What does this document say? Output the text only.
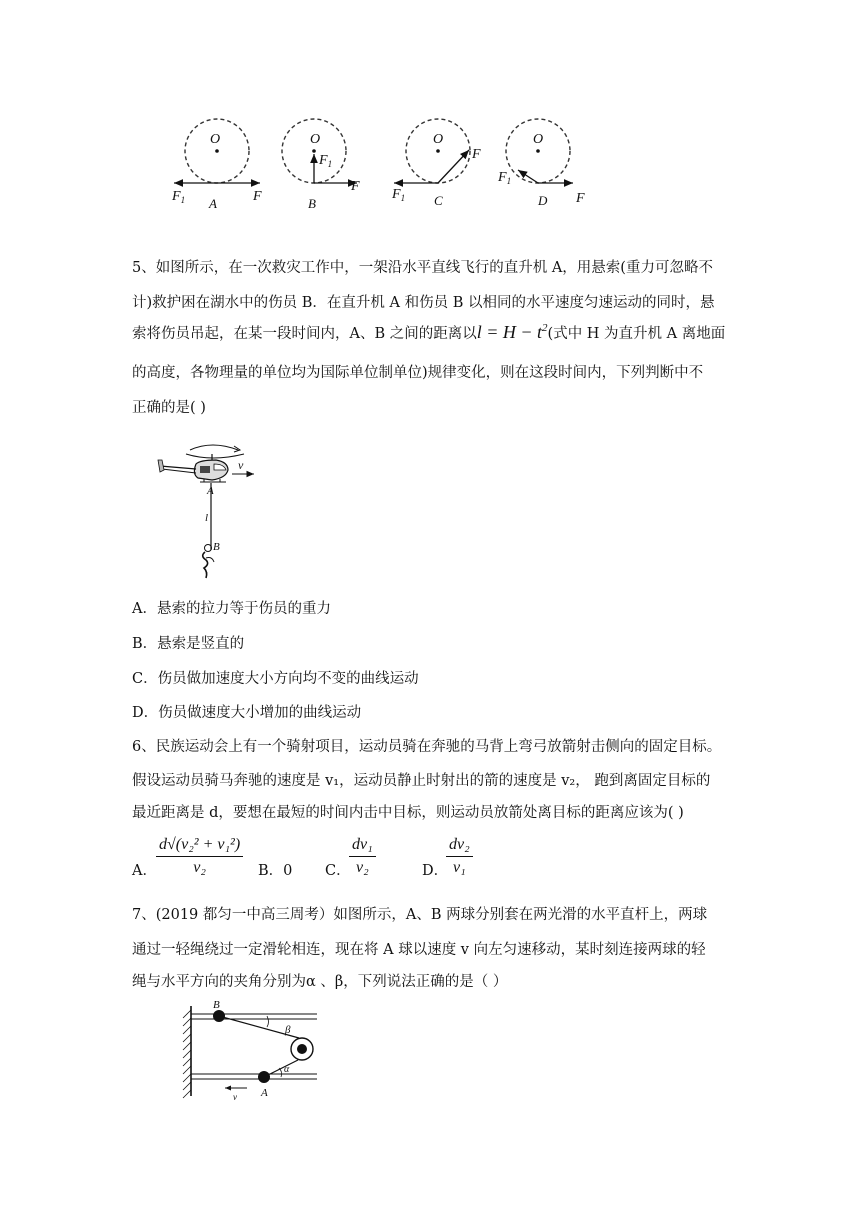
O
$F_1$	F
A
O
$F_1$
F
B
O
F
$F_1$ C
O
$F_1$
F
D
5、如图所示，在一次救灾工作中，一架沿水平直线飞行的直升机 A，用悬索(重力可忽略不
计)救护困在湖水中的伤员 B．在直升机 A 和伤员 B 以相同的水平速度匀速运动的同时，悬
索将伤员吊起，在某一段时间内，A、B 之间的距离以$l = H - t^2$(式中 H 为直升机 A 离地面
的高度，各物理量的单位均为国际单位制单位)规律变化，则在这段时间内，下列判断中不
正确的是( )
v
A
l
B
A．悬索的拉力等于伤员的重力
B．悬索是竖直的
C．伤员做加速度大小方向均不变的曲线运动
D．伤员做速度大小增加的曲线运动
6、民族运动会上有一个骑射项目，运动员骑在奔驰的马背上弯弓放箭射击侧向的固定目标。
假设运动员骑马奔驰的速度是 v₁，运动员静止时射出的箭的速度是 v₂， 跑到离固定目标的
最近距离是 d，要想在最短的时间内击中目标，则运动员放箭处离目标的距离应该为( )
A． $\frac{\text{d√(v₂² + v₁²)}}{\text{v₂}}$ B．0 C．
$\frac{\text{dv₁}}{\text{v₂}}$	D．
$\frac{\text{dv₂}}{\text{v₁}}$
7、(2019 都匀一中高三周考）如图所示，A、B 两球分别套在两光滑的水平直杆上，两球
通过一轻绳绕过一定滑轮相连，现在将 A 球以速度 v 向左匀速移动，某时刻连接两球的轻
绳与水平方向的夹角分别为α 、β，下列说法正确的是（ ）
β
α
B
A
v
